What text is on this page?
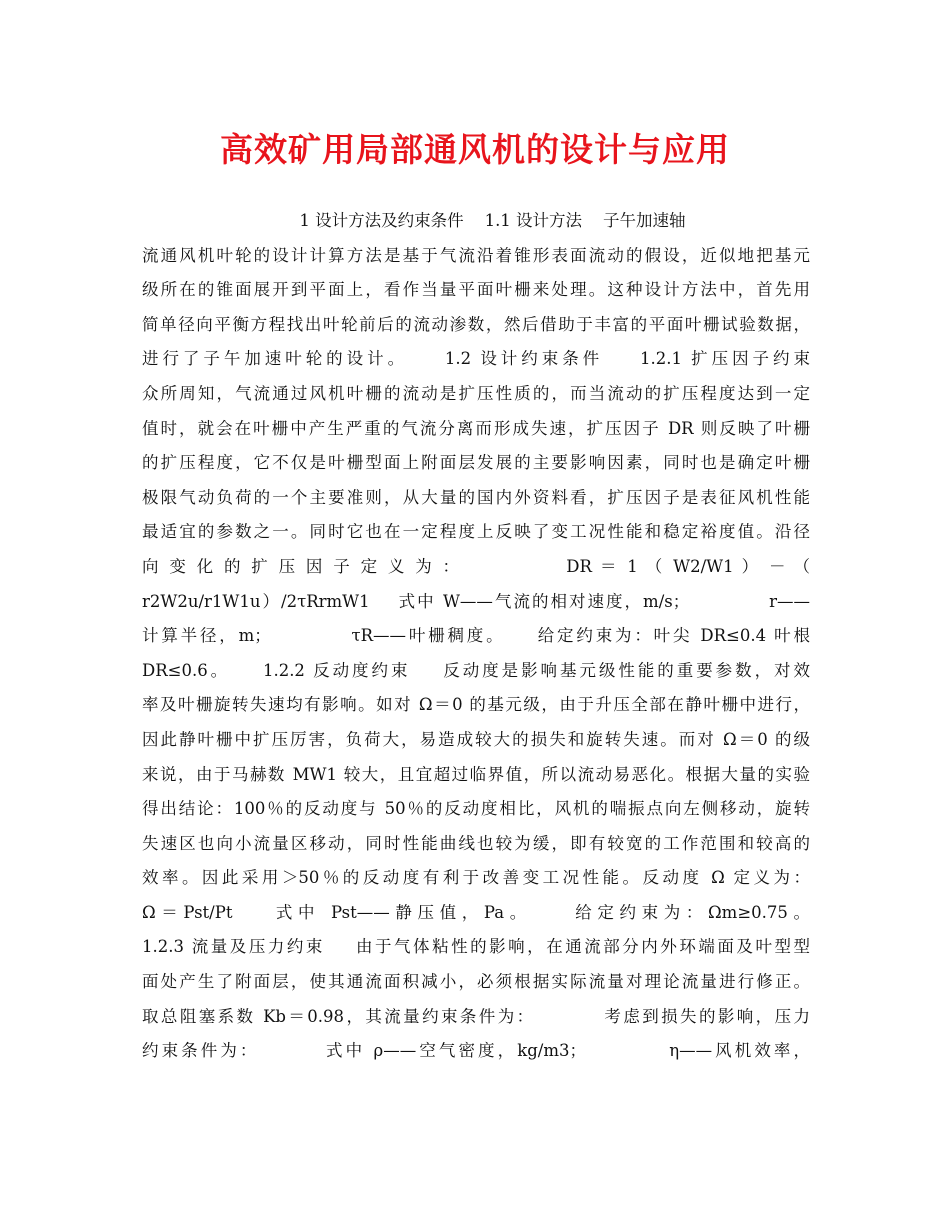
高效矿用局部通风机的设计与应用
1 设计方法及约束条件    1.1 设计方法    子午加速轴
流通风机叶轮的设计计算方法是基于气流沿着锥形表面流动的假设，近似地把基元
级所在的锥面展开到平面上，看作当量平面叶栅来处理。这种设计方法中，首先用
简单径向平衡方程找出叶轮前后的流动渗数，然后借助于丰富的平面叶栅试验数据，
进行了子午加速叶轮的设计。    1.2 设计约束条件    1.2.1 扩压因子约束
众所周知，气流通过风机叶栅的流动是扩压性质的，而当流动的扩压程度达到一定
值时，就会在叶栅中产生严重的气流分离而形成失速，扩压因子 DR 则反映了叶栅
的扩压程度，它不仅是叶栅型面上附面层发展的主要影响因素，同时也是确定叶栅
极限气动负荷的一个主要准则，从大量的国内外资料看，扩压因子是表征风机性能
最适宜的参数之一。同时它也在一定程度上反映了变工况性能和稳定裕度值。沿径
向 变 化 的 扩 压 因 子 定 义 为 ：             DR ＝ 1 （ W2/W1 ） － （
r2W2u/r1W1u）/2τRrmW1    式中 W——气流的相对速度，m/s；           r——
计算半径，m；          τR——叶栅稠度。    给定约束为：叶尖 DR≤0.4 叶根
DR≤0.6。    1.2.2 反动度约束    反动度是影响基元级性能的重要参数，对效
率及叶栅旋转失速均有影响。如对 Ω＝0 的基元级，由于升压全部在静叶栅中进行，
因此静叶栅中扩压厉害，负荷大，易造成较大的损失和旋转失速。而对 Ω＝0 的级
来说，由于马赫数 MW1 较大，且宜超过临界值，所以流动易恶化。根据大量的实验
得出结论：100％的反动度与 50％的反动度相比，风机的喘振点向左侧移动，旋转
失速区也向小流量区移动，同时性能曲线也较为缓，即有较宽的工作范围和较高的
效率。因此采用＞50％的反动度有利于改善变工况性能。反动度 Ω 定义为：
Ω＝Pst/Pt    式中 Pst——静压值，Pa。    给定约束为：Ωm≥0.75。
1.2.3 流量及压力约束    由于气体粘性的影响，在通流部分内外环端面及叶型型
面处产生了附面层，使其通流面积减小，必须根据实际流量对理论流量进行修正。
取总阻塞系数 Kb＝0.98，其流量约束条件为：         考虑到损失的影响，压力
约束条件为：        式中 ρ——空气密度，kg/m3；          η——风机效率，
